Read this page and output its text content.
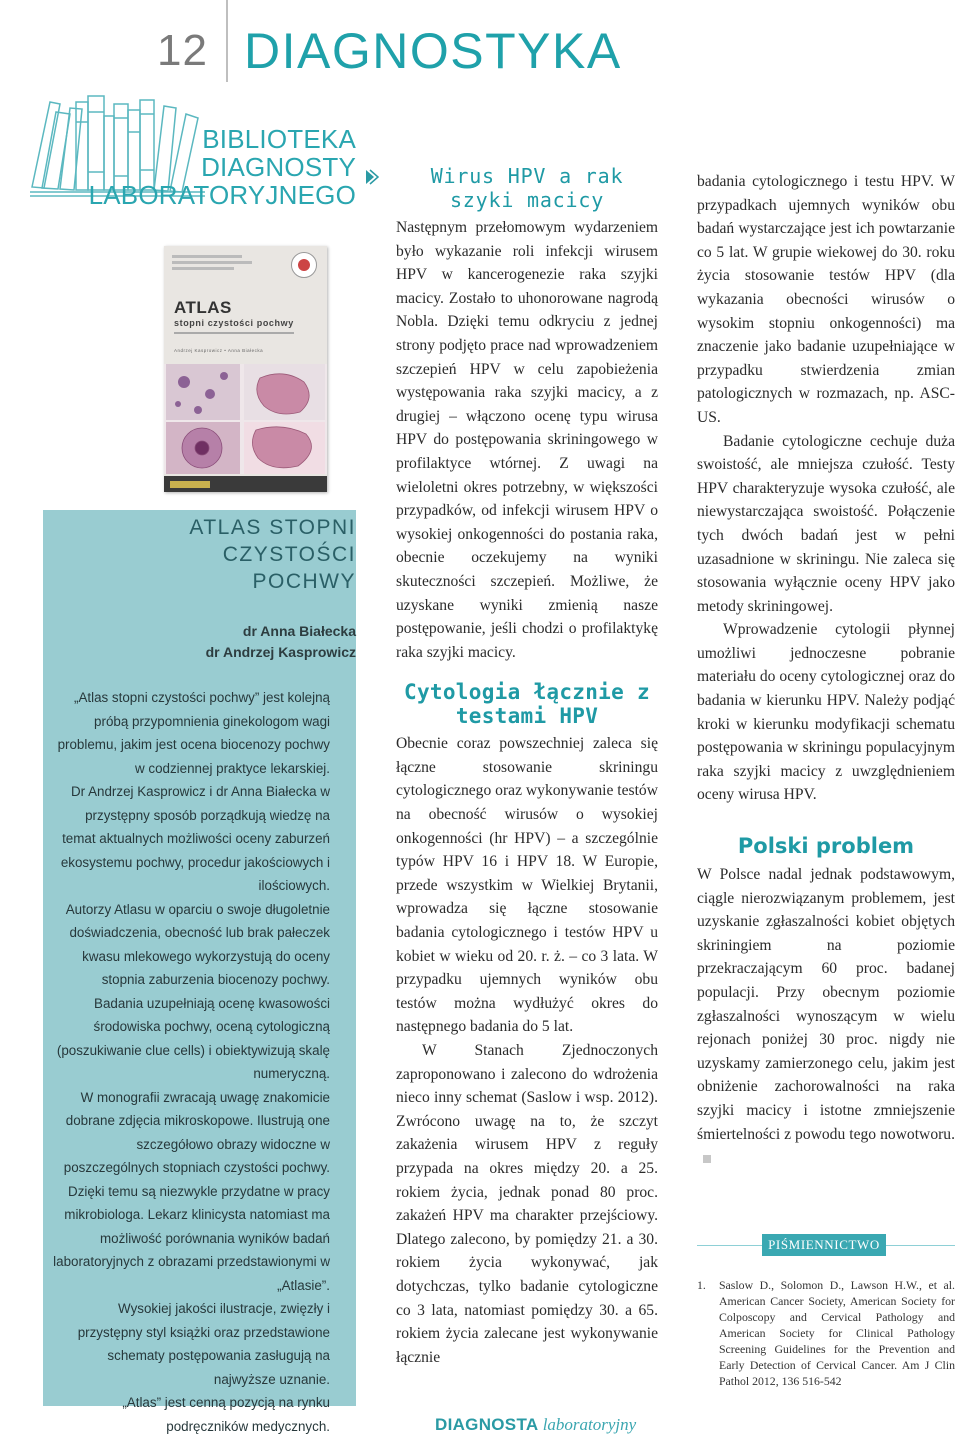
12 DIAGNOSTYKA
BIBLIOTEKA
DIAGNOSTY
LABORATORYJNEGO
ATLAS
stopni czystości pochwy
Andrzej Kasprowicz • Anna Białecka
ATLAS STOPNI
CZYSTOŚCI
POCHWY
dr Anna Białecka
dr Andrzej Kasprowicz

„Atlas stopni czystości pochwy” jest kolejną próbą przypomnienia ginekologom wagi problemu, jakim jest ocena biocenozy pochwy w codziennej praktyce lekarskiej.

Dr Andrzej Kasprowicz i dr Anna Białecka w przystępny sposób porządkują wiedzę na temat aktualnych możliwości oceny zaburzeń ekosystemu pochwy, procedur jakościowych i ilościowych.

Autorzy Atlasu w oparciu o swoje długoletnie doświadczenia, obecność lub brak pałeczek kwasu mlekowego wykorzystują do oceny stopnia zaburzenia biocenozy pochwy. Badania uzupełniają ocenę kwasowości środowiska pochwy, oceną cytologiczną (poszukiwanie clue cells) i obiektywizują skalę numeryczną.

W monografii zwracają uwagę znakomicie dobrane zdjęcia mikroskopowe. Ilustrują one szczegółowo obrazy widoczne w poszczególnych stopniach czystości pochwy. Dzięki temu są niezwykle przydatne w pracy mikrobiologa. Lekarz klinicysta natomiast ma możliwość porównania wyników badań laboratoryjnych z obrazami przedstawionymi w „Atlasie”.

Wysokiej jakości ilustracje, zwięzły i przystępny styl książki oraz przedstawione schematy postępowania zasługują na najwyższe uznanie.

„Atlas” jest cenną pozycją na rynku podręczników medycznych.

Wirus HPV a rak szyki macicy

Następnym przełomowym wydarzeniem było wykazanie roli infekcji wirusem HPV w kancerogenezie raka szyjki macicy. Zostało to uhonorowane nagrodą Nobla. Dzięki temu odkryciu z jednej strony podjęto prace nad wprowadzeniem szczepień HPV w celu zapobieżenia występowania raka szyjki macicy, a z drugiej – włączono ocenę typu wirusa HPV do postępowania skriningowego w profilaktyce wtórnej. Z uwagi na wieloletni okres potrzebny, w większości przypadków, od infekcji wirusem HPV o wysokiej onkogenności do postania raka, obecnie oczekujemy na wyniki skuteczności szczepień. Możliwe, że uzyskane wyniki zmienią nasze postępowanie, jeśli chodzi o profilaktykę raka szyjki macicy.

Cytologia łącznie z testami HPV

Obecnie coraz powszechniej zaleca się łączne stosowanie skriningu cytologicznego oraz wykonywanie testów na obecność wirusów o wysokiej onkogenności (hr HPV) – a szczególnie typów HPV 16 i HPV 18. W Europie, przede wszystkim w Wielkiej Brytanii, wprowadza się łączne stosowanie badania cytologicznego i testów HPV u kobiet w wieku od 20. r. ż. – co 3 lata. W przypadku ujemnych wyników obu testów można wydłużyć okres do następnego badania do 5 lat.

W Stanach Zjednoczonych zaproponowano i zalecono do wdrożenia nieco inny schemat (Saslow i wsp. 2012). Zwrócono uwagę na to, że szczyt zakażenia wirusem HPV z reguły przypada na okres między 20. a 25. rokiem życia, jednak ponad 80 proc. zakażeń HPV ma charakter przejściowy. Dlatego zalecono, by pomiędzy 21. a 30. rokiem życia wykonywać, jak dotychczas, tylko badanie cytologiczne co 3 lata, natomiast pomiędzy 30. a 65. rokiem życia zalecane jest wykonywanie łącznie

badania cytologicznego i testu HPV. W przypadkach ujemnych wyników obu badań wystarczające jest ich powtarzanie co 5 lat. W grupie wiekowej do 30. roku życia stosowanie testów HPV (dla wykazania obecności wirusów o wysokim stopniu onkogenności) ma znaczenie jako badanie uzupełniające w przypadku stwierdzenia zmian patologicznych w rozmazach, np. ASC-US.

Badanie cytologiczne cechuje duża swoistość, ale mniejsza czułość. Testy HPV charakteryzuje wysoka czułość, ale niewystarczająca swoistość. Połączenie tych dwóch badań jest w pełni uzasadnione w skriningu. Nie zaleca się stosowania wyłącznie oceny HPV jako metody skriningowej.

Wprowadzenie cytologii płynnej umożliwi jednoczesne pobranie materiału do oceny cytologicznej oraz do badania w kierunku HPV. Należy podjąć kroki w kierunku modyfikacji schematu postępowania w skriningu populacyjnym raka szyjki macicy z uwzględnieniem oceny wirusa HPV.

Polski problem

W Polsce nadal jednak podstawowym, ciągle nierozwiązanym problemem, jest uzyskanie zgłaszalności kobiet objętych skriningiem na poziomie przekraczającym 60 proc. badanej populacji. Przy obecnym poziomie zgłaszalności wynoszącym w wielu rejonach poniżej 30 proc. nigdy nie uzyskamy zamierzonego celu, jakim jest obniżenie zachorowalności na raka szyjki macicy i istotne zmniejszenie śmiertelności z powodu tego nowotworu.

PIŚMIENNICTWO
1. Saslow D., Solomon D., Lawson H.W., et al. American Cancer Society, American Society for Colposcopy and Cervical Pathology and American Society for Clinical Pathology Screening Guidelines for the Prevention and Early Detection of Cervical Cancer. Am J Clin Pathol 2012, 136 516-542
DIAGNOSTA laboratoryjny
